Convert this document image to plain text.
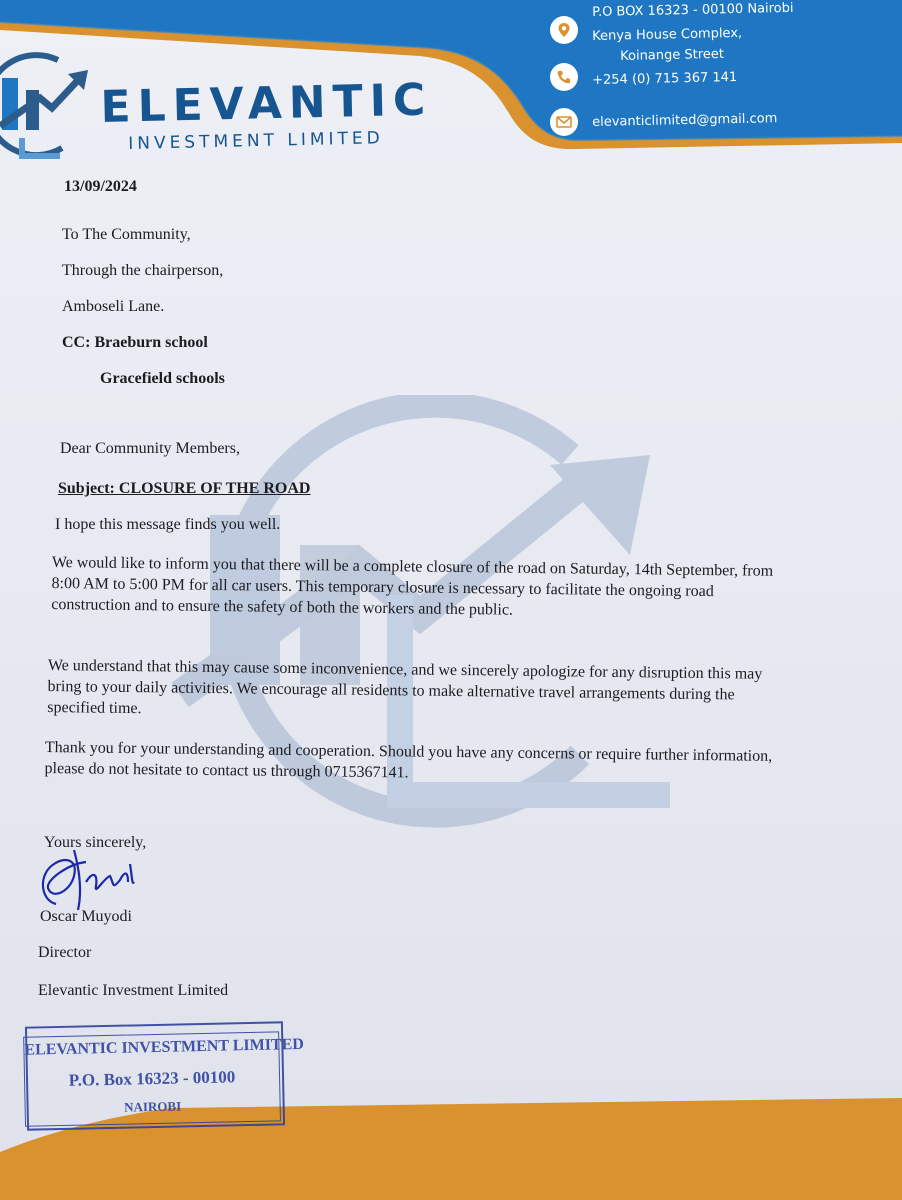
ELEVANTIC
INVESTMENT LIMITED
P.O BOX 16323 - 00100 Nairobi
Kenya House Complex,
Koinange Street
+254 (0) 715 367 141
elevanticlimited@gmail.com
13/09/2024
To The Community,
Through the chairperson,
Amboseli Lane.
CC: Braeburn school
Gracefield schools
Dear Community Members,
Subject: CLOSURE OF THE ROAD
I hope this message finds you well.
We would like to inform you that there will be a complete closure of the road on Saturday, 14th September, from 8:00 AM to 5:00 PM for all car users. This temporary closure is necessary to facilitate the ongoing road construction and to ensure the safety of both the workers and the public.
We understand that this may cause some inconvenience, and we sincerely apologize for any disruption this may bring to your daily activities. We encourage all residents to make alternative travel arrangements during the specified time.
Thank you for your understanding and cooperation. Should you have any concerns or require further information, please do not hesitate to contact us through 0715367141.
Yours sincerely,
Oscar Muyodi
Director
Elevantic Investment Limited
ELEVANTIC INVESTMENT LIMITED
P.O. Box 16323 - 00100
NAIROBI
